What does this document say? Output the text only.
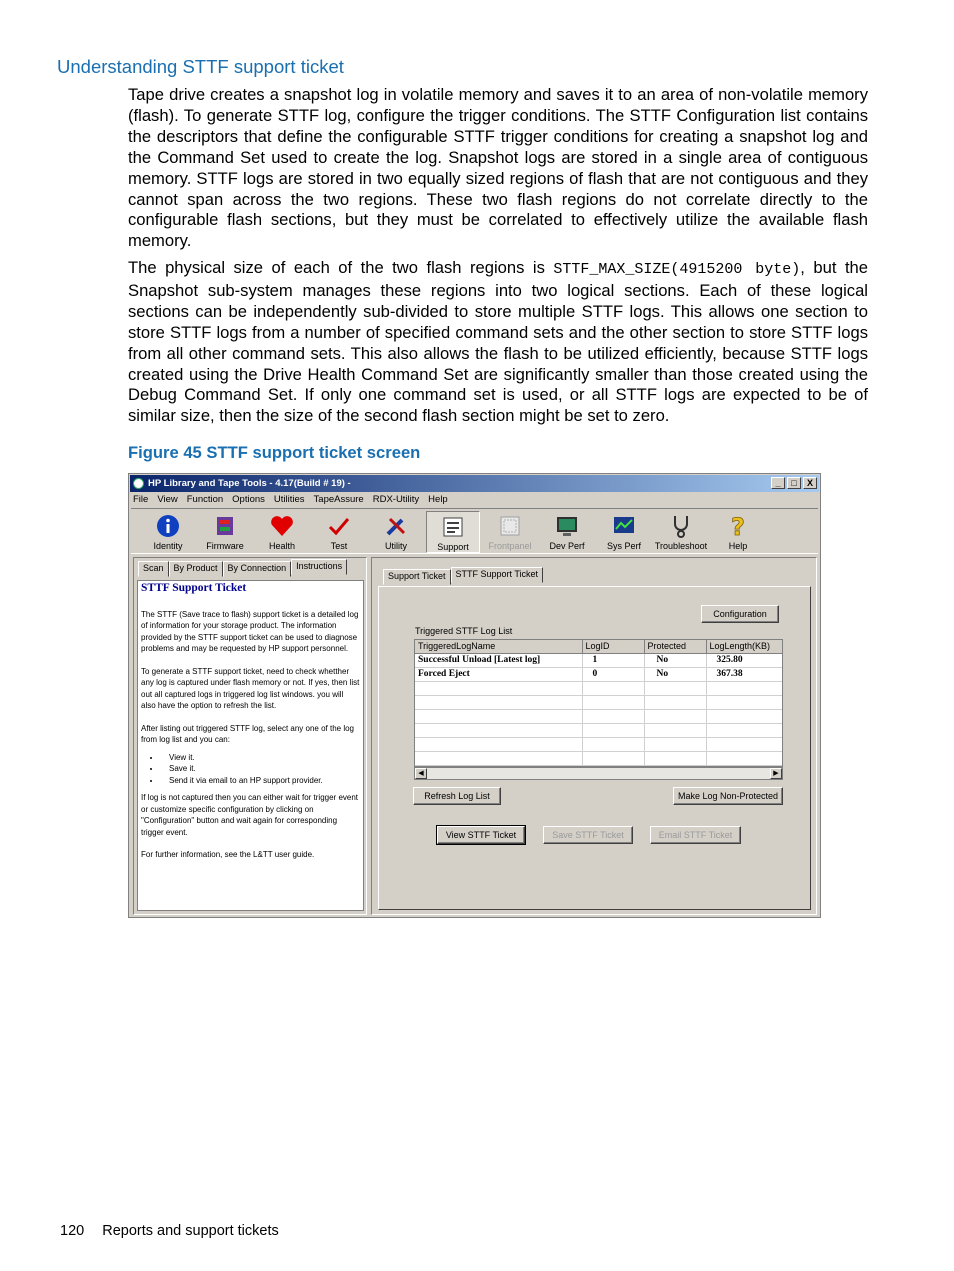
Understanding STTF support ticket
Tape drive creates a snapshot log in volatile memory and saves it to an area of non-volatile memory (flash). To generate STTF log, configure the trigger conditions. The STTF Configuration list contains the descriptors that define the configurable STTF trigger conditions for creating a snapshot log and the Command Set used to create the log. Snapshot logs are stored in a single area of contiguous memory. STTF logs are stored in two equally sized regions of flash that are not contiguous and they cannot span across the two regions. These two flash regions do not correlate directly to the configurable flash sections, but they must be correlated to effectively utilize the available flash memory.
The physical size of each of the two flash regions is STTF_MAX_SIZE(4915200 byte), but the Snapshot sub-system manages these regions into two logical sections. Each of these logical sections can be independently sub-divided to store multiple STTF logs. This allows one section to store STTF logs from a number of specified command sets and the other section to store STTF logs from all other command sets. This also allows the flash to be utilized efficiently, because STTF logs created using the Drive Health Command Set are significantly smaller than those created using the Debug Command Set. If only one command set is used, or all STTF logs are expected to be of similar size, then the size of the second flash section might be set to zero.
Figure 45 STTF support ticket screen
HP Library and Tape Tools - 4.17(Build # 19) -	_	□	X
File View Function Options Utilities TapeAssure RDX-Utility Help
Identity	Firmware	Health	Test	Utility	Support	Frontpanel	Dev Perf	Sys Perf	Troubleshoot
?
Help
Scan	By Product	By Connection	Instructions
STTF Support Ticket

The STTF (Save trace to flash) support ticket is a detailed log of information for your storage product. The information provided by the STTF support ticket can be used to diagnose problems and may be requested by HP support personnel.

To generate a STTF support ticket, need to check whetther any log is captured under flash memory or not. If yes, then list out all captured logs in triggered log list windows. you will also have the option to refresh the list.

After listing out triggered STTF log, select any one of the log from log list and you can:

• View it.
• Save it.
• Send it via email to an HP support provider.

If log is not captured then you can either wait for trigger event or customize specific configuration by clicking on "Configuration" button and wait again for corresponding trigger event.

For further information, see the L&TT user guide.

Support Ticket	STTF Support Ticket
Configuration
Triggered STTF Log List
TriggeredLogName	LogID	Protected	LogLength(KB)
Successful Unload [Latest log]	1	No	325.80
Forced Eject	0	No	367.38

◀	▶
Refresh Log List	Make Log Non-Protected
View STTF Ticket	Save STTF Ticket	Email STTF Ticket
120 Reports and support tickets
